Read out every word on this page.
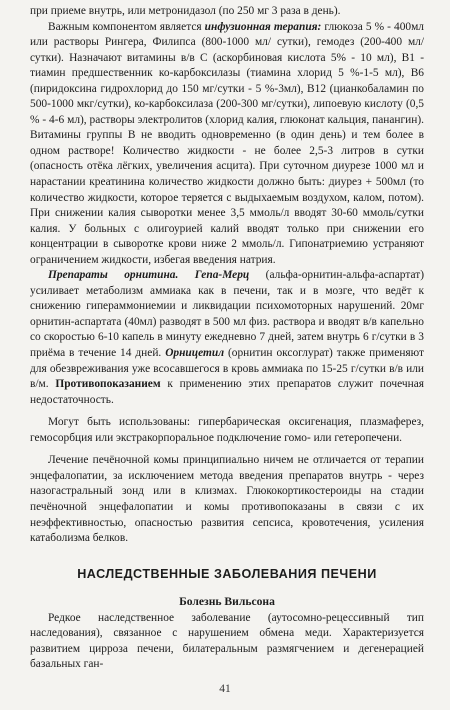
при приеме внутрь, или метронидазол (по 250 мг 3 раза в день).

Важным компонентом является инфузионная терапия: глюкоза 5 % - 400мл или растворы Рингера, Филипса (800-1000 мл/ сутки), гемодез (200-400 мл/сутки). Назначают витамины в/в С (аскорбиновая кислота 5% - 10 мл), В1 - тиамин предшественник ко-карбоксилазы (тиамина хлорид 5 %-1-5 мл), В6 (пиридоксина гидрохлорид до 150 мг/сутки - 5 %-3мл), В12 (цианкобаламин по 500-1000 мкг/сутки), ко-карбоксилаза (200-300 мг/сутки), липоевую кислоту (0,5 % - 4-6 мл), растворы электролитов (хлорид калия, глюконат кальция, панангин). Витамины группы В не вводить одновременно (в один день) и тем более в одном растворе! Количество жидкости - не более 2,5-3 литров в сутки (опасность отёка лёгких, увеличения асцита). При суточном диурезе 1000 мл и нарастании креатинина количество жидкости должно быть: диурез + 500мл (то количество жидкости, которое теряется с выдыхаемым воздухом, калом, потом). При снижении калия сыворотки менее 3,5 ммоль/л вводят 30-60 ммоль/сутки калия. У больных с олигоурией калий вводят только при снижении его концентрации в сыворотке крови ниже 2 ммоль/л. Гипонатриемию устраняют ограничением жидкости, избегая введения натрия.

Препараты орнитина. Гепа-Мерц (альфа-орнитин-альфа-аспартат) усиливает метаболизм аммиака как в печени, так и в мозге, что ведёт к снижению гипераммониемии и ликвидации психомоторных нарушений. 20мг орнитин-аспартата (40мл) разводят в 500 мл физ. раствора и вводят в/в капельно со скоростью 6-10 капель в минуту ежедневно 7 дней, затем внутрь 6 г/сутки в 3 приёма в течение 14 дней. Орницетил (орнитин оксоглурат) также применяют для обезвреживания уже всосавшегося в кровь аммиака по 15-25 г/сутки в/в или в/м. Противопоказанием к применению этих препаратов служит почечная недостаточность.

Могут быть использованы: гипербарическая оксигенация, плазмаферез, гемосорбция или экстракорпоральное подключение гомо- или гетеропечени.

Лечение печёночной комы принципиально ничем не отличается от терапии энцефалопатии, за исключением метода введения препаратов внутрь - через назогастральный зонд или в клизмах. Глюкокортикостероиды на стадии печёночной энцефалопатии и комы противопоказаны в связи с их неэффективностью, опасностью развития сепсиса, кровотечения, усиления катаболизма белков.

НАСЛЕДСТВЕННЫЕ ЗАБОЛЕВАНИЯ ПЕЧЕНИ
Болезнь Вильсона

Редкое наследственное заболевание (аутосомно-рецессивный тип наследования), связанное с нарушением обмена меди. Характеризуется развитием цирроза печени, билатеральным размягчением и дегенерацией базальных ган-

41
